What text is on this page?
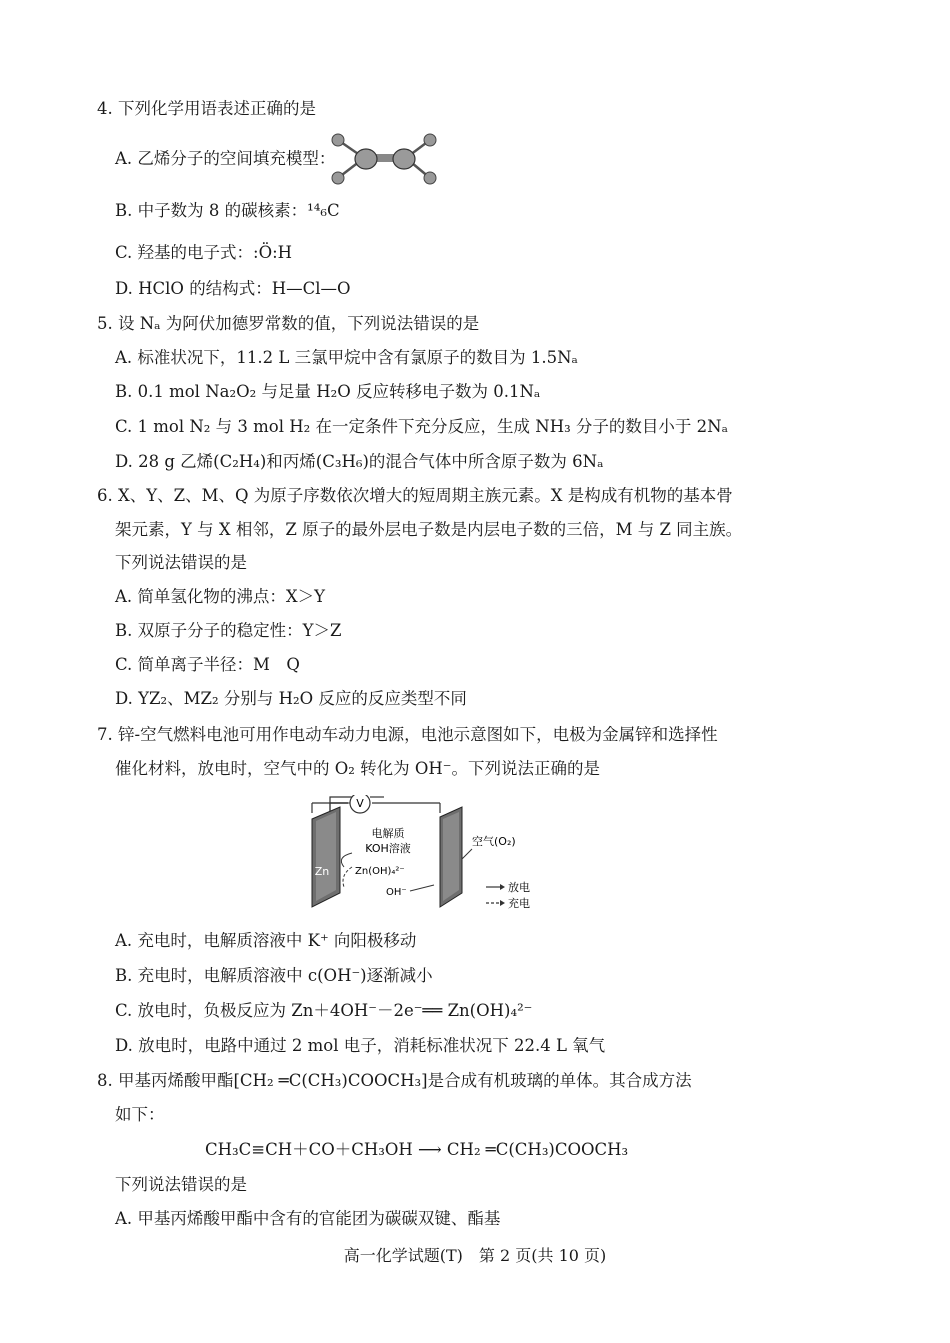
4. 下列化学用语表述正确的是
A. 乙烯分子的空间填充模型：
B. 中子数为 8 的碳核素：¹⁴₆C
C. 羟基的电子式：:Ö:H
D. HClO 的结构式：H—Cl—O
5. 设 Nₐ 为阿伏加德罗常数的值，下列说法错误的是
A. 标准状况下，11.2 L 三氯甲烷中含有氯原子的数目为 1.5Nₐ
B. 0.1 mol Na₂O₂ 与足量 H₂O 反应转移电子数为 0.1Nₐ
C. 1 mol N₂ 与 3 mol H₂ 在一定条件下充分反应，生成 NH₃ 分子的数目小于 2Nₐ
D. 28 g 乙烯(C₂H₄)和丙烯(C₃H₆)的混合气体中所含原子数为 6Nₐ
6. X、Y、Z、M、Q 为原子序数依次增大的短周期主族元素。X 是构成有机物的基本骨
架元素，Y 与 X 相邻，Z 原子的最外层电子数是内层电子数的三倍，M 与 Z 同主族。
下列说法错误的是
A. 简单氢化物的沸点：X＞Y
B. 双原子分子的稳定性：Y＞Z
C. 简单离子半径：M　Q
D. YZ₂、MZ₂ 分别与 H₂O 反应的反应类型不同
7. 锌-空气燃料电池可用作电动车动力电源，电池示意图如下，电极为金属锌和选择性
催化材料，放电时，空气中的 O₂ 转化为 OH⁻。下列说法正确的是
V
电解质
KOH溶液
Zn	Zn(OH)₄²⁻
OH⁻
空气(O₂)
放电
充电
A. 充电时，电解质溶液中 K⁺ 向阳极移动
B. 充电时，电解质溶液中 c(OH⁻)逐渐减小
C. 放电时，负极反应为 Zn＋4OH⁻－2e⁻══ Zn(OH)₄²⁻
D. 放电时，电路中通过 2 mol 电子，消耗标准状况下 22.4 L 氧气
8. 甲基丙烯酸甲酯[CH₂ ═C(CH₃)COOCH₃]是合成有机玻璃的单体。其合成方法
如下：
CH₃C≡CH＋CO＋CH₃OH ⟶ CH₂ ═C(CH₃)COOCH₃
下列说法错误的是
A. 甲基丙烯酸甲酯中含有的官能团为碳碳双键、酯基
高一化学试题(T)　第 2 页(共 10 页)
